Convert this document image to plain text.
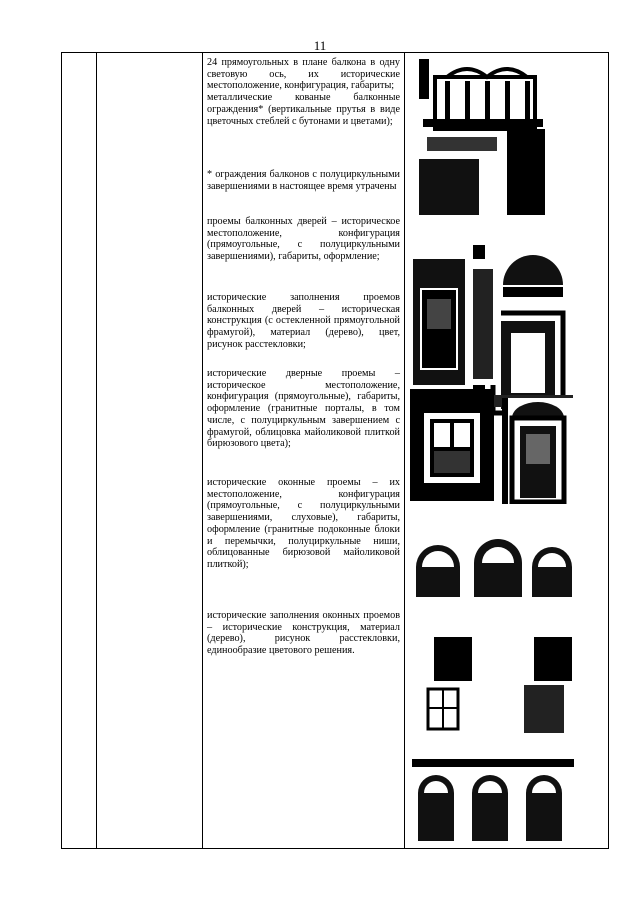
11

24 прямоугольных в плане балкона в одну световую ось, их исторические местоположение, конфигурация, габариты;

металлические кованые балконные ограждения* (вертикальные прутья в виде цветочных стеблей с бутонами и цветами);

* ограждения балконов с полуциркульными завершениями в настоящее время утрачены

проемы балконных дверей – историческое местоположение, конфигурация (прямоугольные, с полуциркульными завершениями), габариты, оформление;

исторические заполнения проемов балконных дверей – историческая конструкция (с остекленной прямоугольной фрамугой), материал (дерево), цвет, рисунок расстекловки;

исторические дверные проемы – историческое местоположение, конфигурация (прямоугольные), габариты, оформление (гранитные порталы, в том числе, с полуциркульным завершением с фрамугой, облицовка майоликовой плиткой бирюзового цвета);

исторические оконные проемы – их местоположение, конфигурация (прямоугольные, с полуциркульными завершениями, слуховые), габариты, оформление (гранитные подоконные блоки и перемычки, полуциркульные ниши, облицованные бирюзовой майоликовой плиткой);

исторические заполнения оконных проемов – исторические конструкция, материал (дерево), рисунок расстекловки, единообразие цветового решения.
